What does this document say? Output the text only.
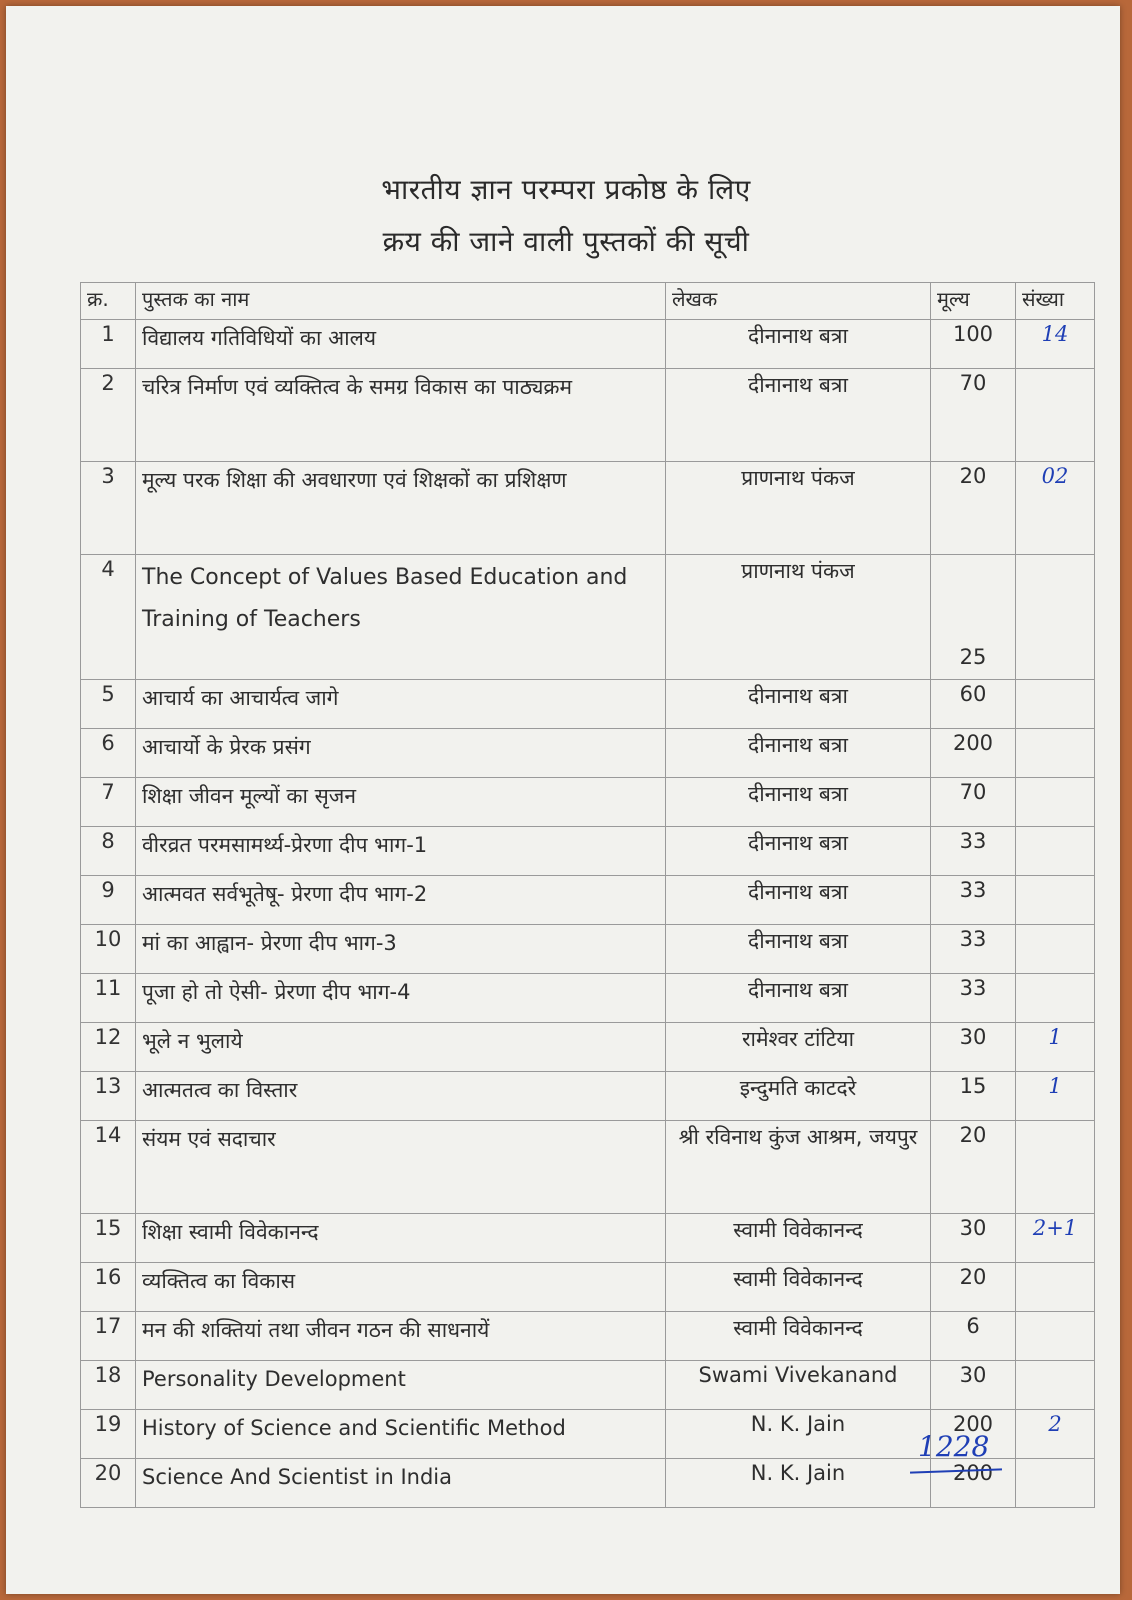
भारतीय ज्ञान परम्परा प्रकोष्ठ के लिए
क्रय की जाने वाली पुस्तकों की सूची
क्र.	पुस्तक का नाम	लेखक	मूल्य	संख्या
1	विद्यालय गतिविधियों का आलय	दीनानाथ बत्रा	100	14
2	चरित्र निर्माण एवं व्यक्तित्व के समग्र विकास का पाठ्यक्रम	दीनानाथ बत्रा	70	
3	मूल्य परक शिक्षा की अवधारणा एवं शिक्षकों का प्रशिक्षण	प्राणनाथ पंकज	20	02
4	The Concept of Values Based Education and Training of Teachers	प्राणनाथ पंकज	25	
5	आचार्य का आचार्यत्व जागे	दीनानाथ बत्रा	60	
6	आचार्यो के प्रेरक प्रसंग	दीनानाथ बत्रा	200	
7	शिक्षा जीवन मूल्यों का सृजन	दीनानाथ बत्रा	70	
8	वीरव्रत परमसामर्थ्य-प्रेरणा दीप भाग-1	दीनानाथ बत्रा	33	
9	आत्मवत सर्वभूतेषू- प्रेरणा दीप भाग-2	दीनानाथ बत्रा	33	
10	मां का आह्वान- प्रेरणा दीप भाग-3	दीनानाथ बत्रा	33	
11	पूजा हो तो ऐसी- प्रेरणा दीप भाग-4	दीनानाथ बत्रा	33	
12	भूले न भुलाये	रामेश्वर टांटिया	30	1
13	आत्मतत्व का विस्तार	इन्दुमति काटदरे	15	1
14	संयम एवं सदाचार	श्री रविनाथ कुंज आश्रम, जयपुर	20	
15	शिक्षा स्वामी विवेकानन्द	स्वामी विवेकानन्द	30	2+1
16	व्यक्तित्व का विकास	स्वामी विवेकानन्द	20	
17	मन की शक्तियां तथा जीवन गठन की साधनायें	स्वामी विवेकानन्द	6	
18	Personality Development	Swami Vivekanand	30	
19	History of Science and Scientific Method	N. K. Jain	200	2
20	Science And Scientist in India	N. K. Jain	200	
1228
